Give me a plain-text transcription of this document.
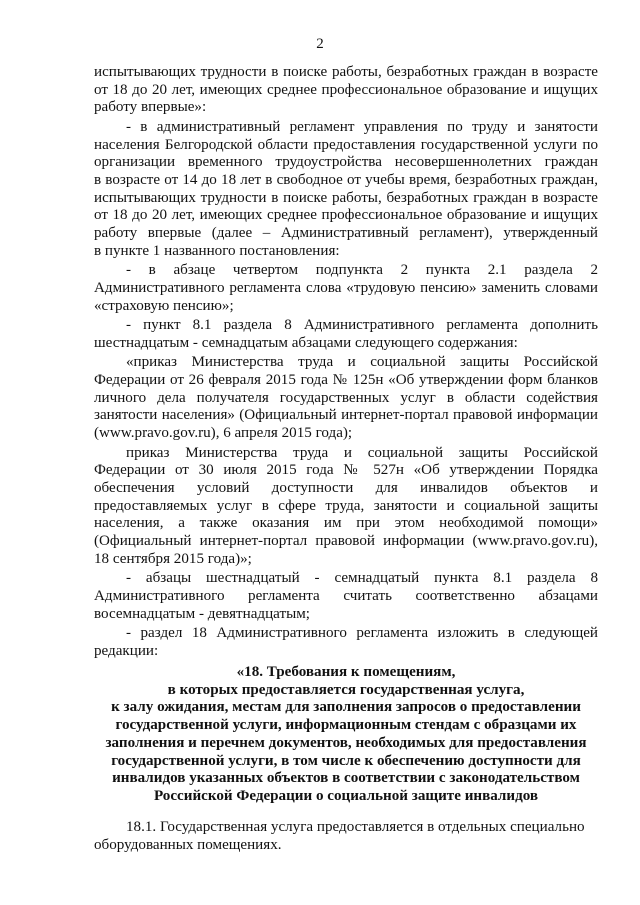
2
испытывающих трудности в поиске работы, безработных граждан в возрасте
от 18 до 20 лет, имеющих среднее профессиональное образование и ищущих
работу впервые»:
- в административный регламент управления по труду и занятости
населения Белгородской области предоставления государственной услуги по
организации временного трудоустройства несовершеннолетних граждан
в возрасте от 14 до 18 лет в свободное от учебы время, безработных граждан,
испытывающих трудности в поиске работы, безработных граждан в возрасте
от 18 до 20 лет, имеющих среднее профессиональное образование и ищущих
работу впервые (далее – Административный регламент), утвержденный
в пункте 1 названного постановления:
- в абзаце четвертом подпункта 2 пункта 2.1 раздела 2
Административного регламента слова «трудовую пенсию» заменить словами
«страховую пенсию»;
- пункт 8.1 раздела 8 Административного регламента дополнить
шестнадцатым - семнадцатым абзацами следующего содержания:
«приказ Министерства труда и социальной защиты Российской
Федерации от 26 февраля 2015 года № 125н «Об утверждении форм бланков
личного дела получателя государственных услуг в области содействия
занятости населения» (Официальный интернет-портал правовой информации
(www.pravo.gov.ru), 6 апреля 2015 года);
приказ Министерства труда и социальной защиты Российской
Федерации от 30 июля 2015 года № 527н «Об утверждении Порядка
обеспечения условий доступности для инвалидов объектов и
предоставляемых услуг в сфере труда, занятости и социальной защиты
населения, а также оказания им при этом необходимой помощи»
(Официальный интернет-портал правовой информации (www.pravo.gov.ru),
18 сентября 2015 года)»;
- абзацы шестнадцатый - семнадцатый пункта 8.1 раздела 8
Административного регламента считать соответственно абзацами
восемнадцатым - девятнадцатым;
- раздел 18 Административного регламента изложить в следующей
редакции:
«18. Требования к помещениям,
в которых предоставляется государственная услуга,
к залу ожидания, местам для заполнения запросов о предоставлении
государственной услуги, информационным стендам с образцами их
заполнения и перечнем документов, необходимых для предоставления
государственной услуги, в том числе к обеспечению доступности для
инвалидов указанных объектов в соответствии с законодательством
Российской Федерации о социальной защите инвалидов
18.1. Государственная услуга предоставляется в отдельных специально
оборудованных помещениях.
